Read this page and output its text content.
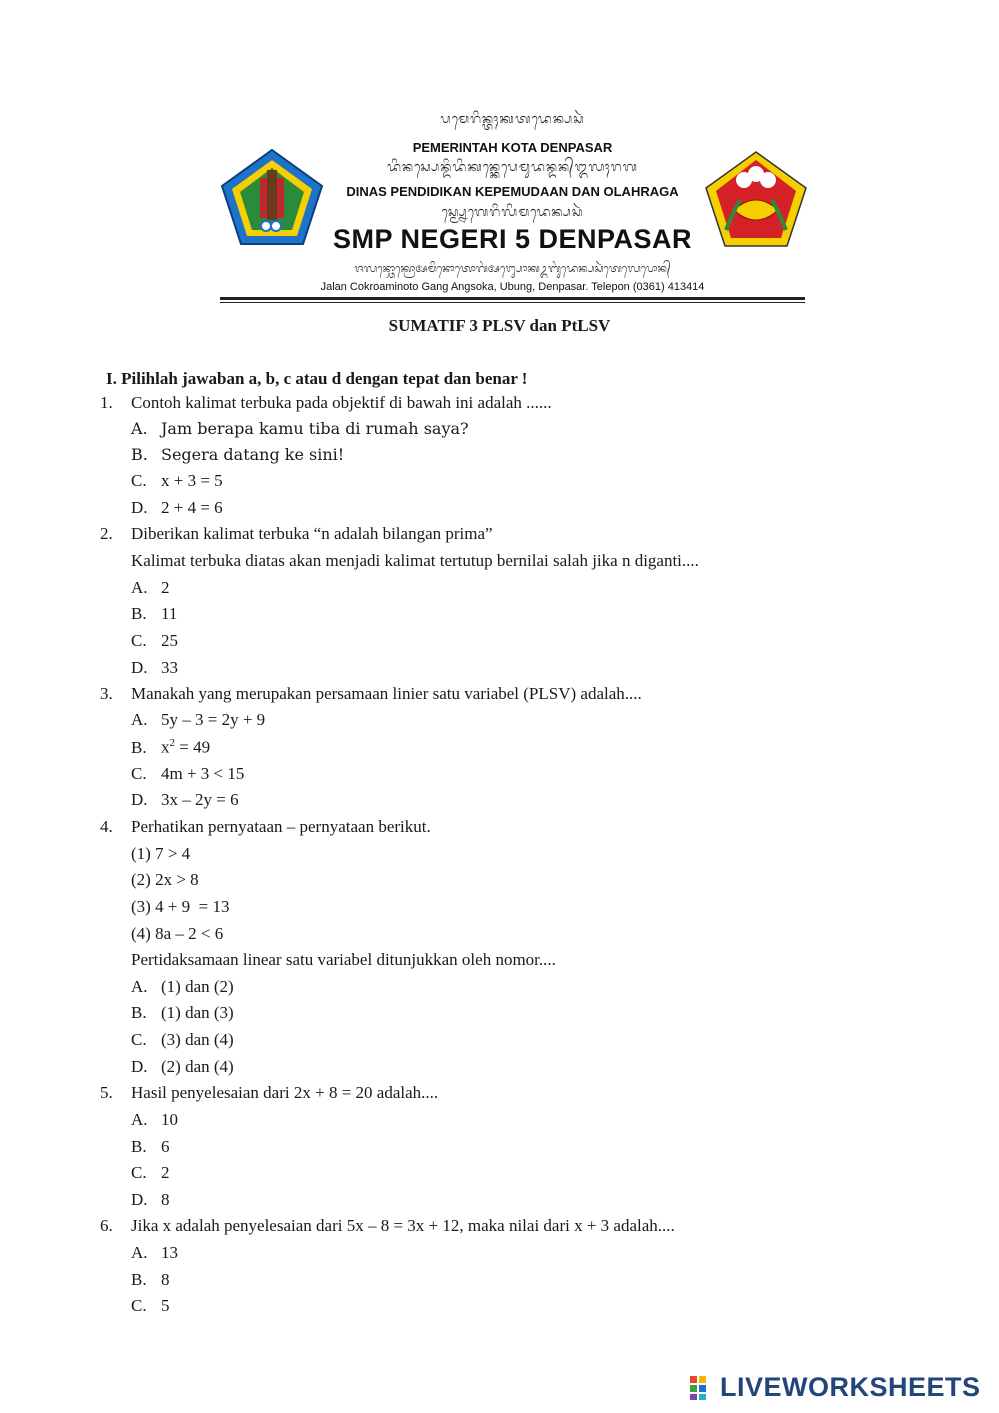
ᬧᬫᬾᬭᬶᬦ᭄ᬢᬄᬓᬢᬤᬾᬦ᭄ᬧᬲᬃ
PEMERINTAH KOTA DENPASAR
ᬤᬶᬦᬲ᭄ᬧᬾᬦ᭄ᬤᬶᬤᬶᬓᬦ᭄ᬓᬾᬧᬾᬫᬸᬤᬦ᭄ᬤᬦ᭄ᬑᬮᬄᬭᬕ
DINAS PENDIDIKAN KEPEMUDAAN DAN OLAHRAGA
ᬲ᭄ᬫ᭄ᬧ᭄ᬦᬾᬕᬾᬭᬶᬮᬶᬫᬤᬾᬦ᭄ᬧᬲᬃ
SMP NEGERI 5 DENPASAR
ᬚᬮᬦ᭄ᬘᭀᬓ᭄ᬭᭀᬅᬫᬶᬦᭀᬢᭀᬕᬂᬅᬗ᭄ᬲᭀᬓᬉᬩᬸᬂᬤᬾᬦ᭄ᬧᬲᬃᬢᬾᬮᬾᬧᭀᬦ᭄
Jalan Cokroaminoto Gang Angsoka, Ubung, Denpasar. Telepon (0361) 413414
SUMATIF 3 PLSV dan PtLSV
I. Pilihlah jawaban a, b, c atau d dengan tepat dan benar !
1. Contoh kalimat terbuka pada objektif di bawah ini adalah ......
A. Jam berapa kamu tiba di rumah saya?
B. Segera datang ke sini!
C. x + 3 = 5
D. 2 + 4 = 6
2. Diberikan kalimat terbuka “n adalah bilangan prima”
Kalimat terbuka diatas akan menjadi kalimat tertutup bernilai salah jika n diganti....
A. 2
B. 11
C. 25
D. 33
3. Manakah yang merupakan persamaan linier satu variabel (PLSV) adalah....
A. 5y – 3 = 2y + 9
B. $x^2 = 49$
C. 4m + 3 < 15
D. 3x – 2y = 6
4. Perhatikan pernyataan – pernyataan berikut.
(1) 7 > 4
(2) 2x > 8
(3) 4 + 9  = 13
(4) 8a – 2 < 6
Pertidaksamaan linear satu variabel ditunjukkan oleh nomor....
A. (1) dan (2)
B. (1) dan (3)
C. (3) dan (4)
D. (2) dan (4)
5. Hasil penyelesaian dari 2x + 8 = 20 adalah....
A. 10
B. 6
C. 2
D. 8
6. Jika x adalah penyelesaian dari 5x – 8 = 3x + 12, maka nilai dari x + 3 adalah....
A. 13
B. 8
C. 5
LIVEWORKSHEETS
